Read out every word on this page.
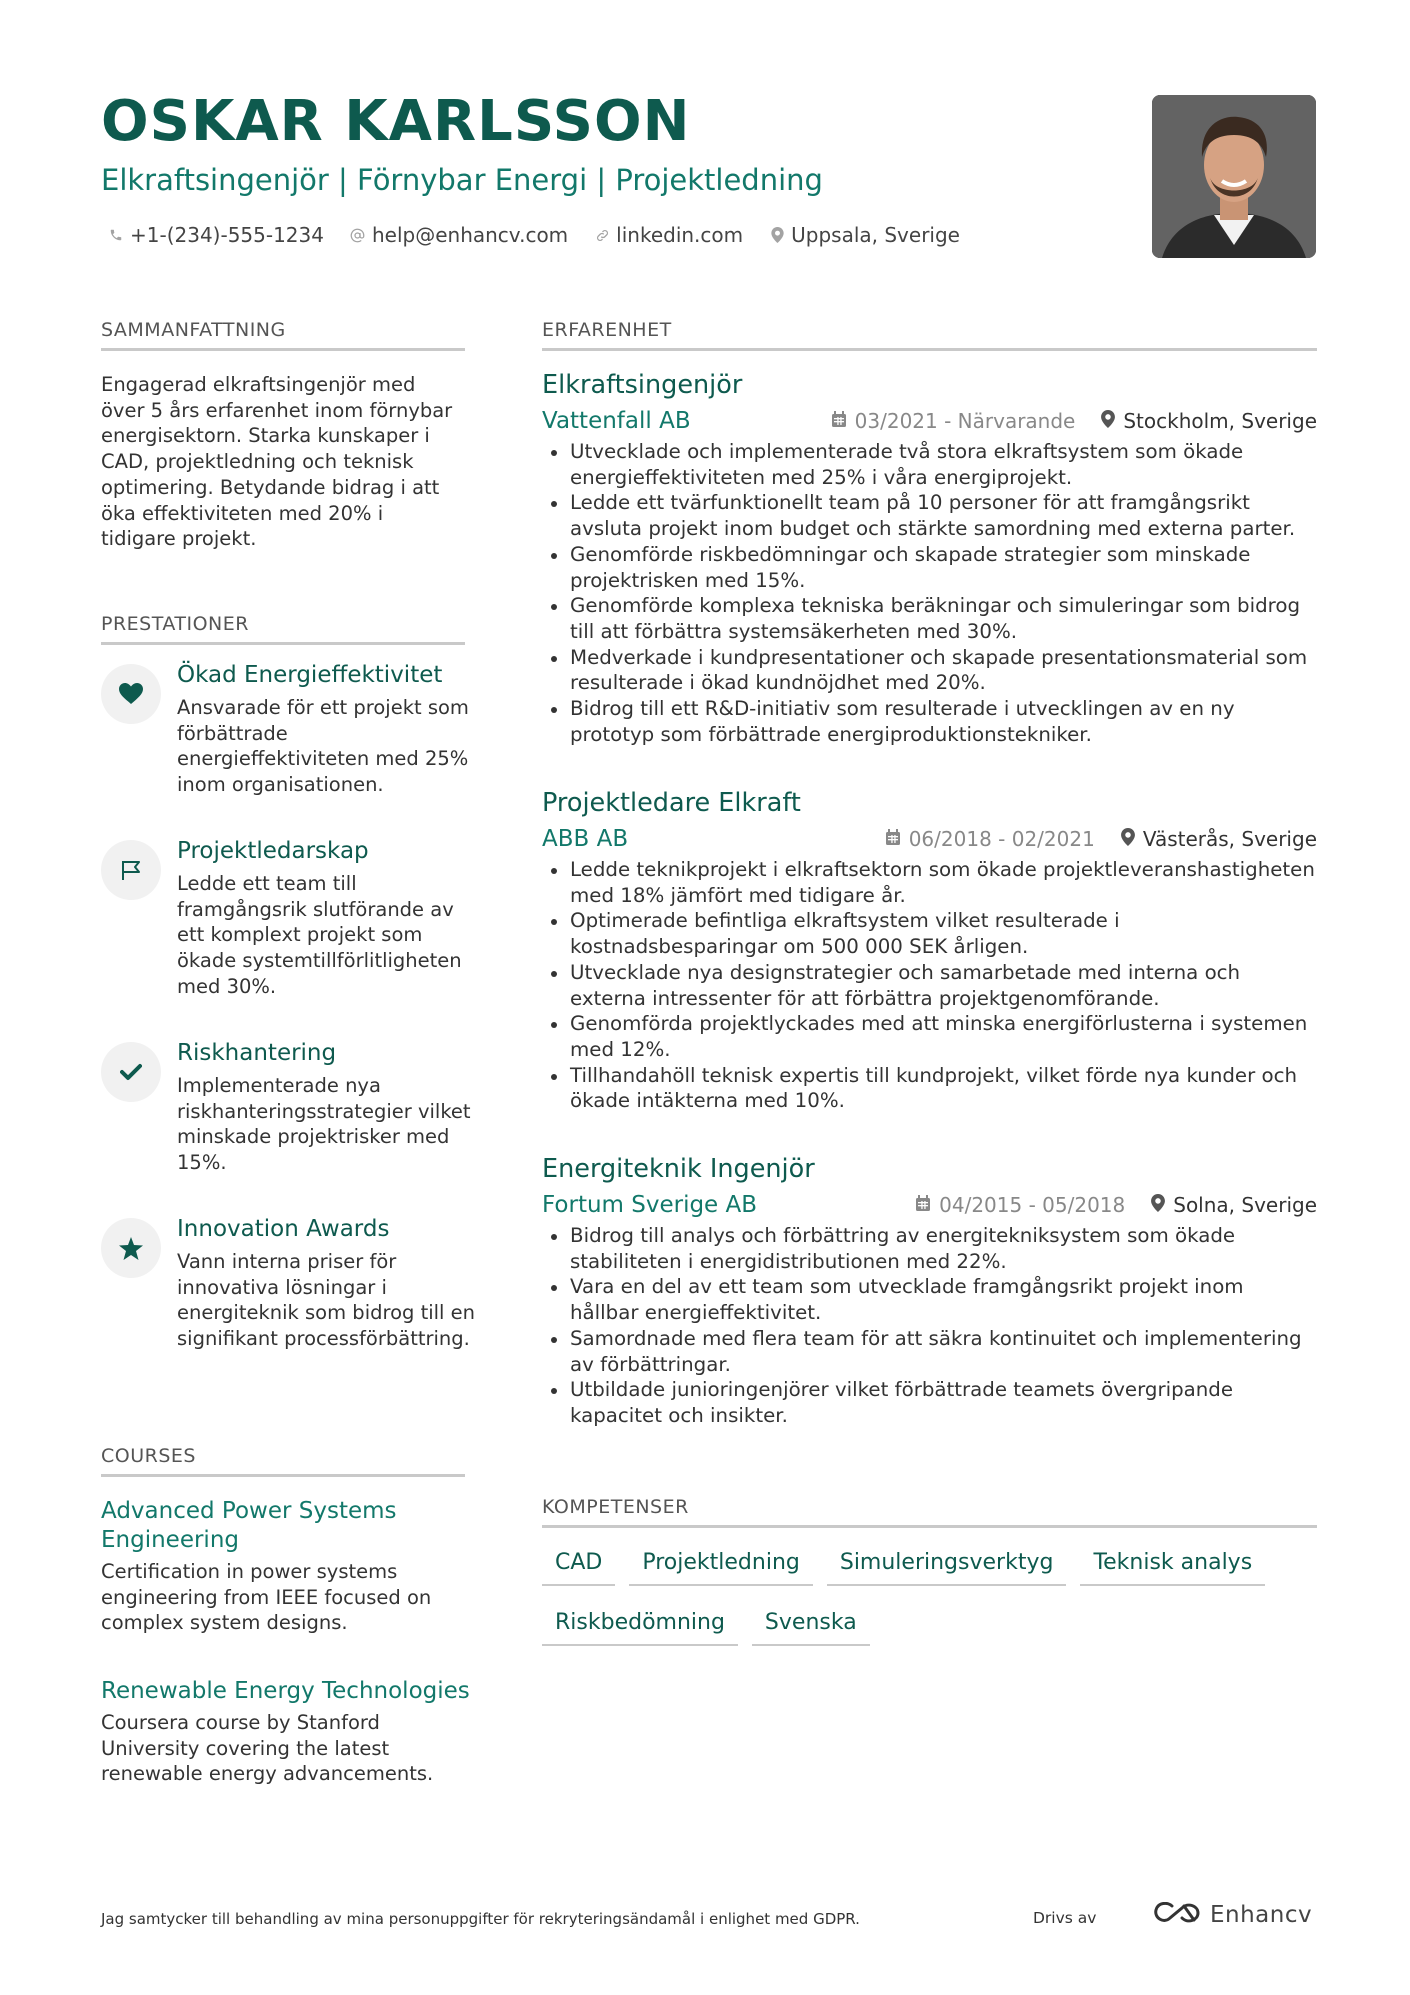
OSKAR KARLSSON
Elkraftsingenjör | Förnybar Energi | Projektledning
+1-(234)-555-1234 help@enhancv.com linkedin.com Uppsala, Sverige
SAMMANFATTNING
Engagerad elkraftsingenjör med över 5 års erfarenhet inom förnybar energisektorn. Starka kunskaper i CAD, projektledning och teknisk optimering. Betydande bidrag i att öka effektiviteten med 20% i tidigare projekt.
PRESTATIONER
Ökad Energieffektivitet
Ansvarade för ett projekt som förbättrade energieffektiviteten med 25% inom organisationen.
Projektledarskap
Ledde ett team till framgångsrik slutförande av ett komplext projekt som ökade systemtillförlitligheten med 30%.
Riskhantering
Implementerade nya riskhanteringsstrategier vilket minskade projektrisker med 15%.
Innovation Awards
Vann interna priser för innovativa lösningar i energiteknik som bidrog till en signifikant processförbättring.
COURSES
Advanced Power Systems Engineering
Certification in power systems engineering from IEEE focused on complex system designs.
Renewable Energy Technologies
Coursera course by Stanford University covering the latest renewable energy advancements.
ERFARENHET
Elkraftsingenjör
Vattenfall AB	03/2021 - Närvarande Stockholm, Sverige
Utvecklade och implementerade två stora elkraftsystem som ökade energieffektiviteten med 25% i våra energiprojekt.
Ledde ett tvärfunktionellt team på 10 personer för att framgångsrikt avsluta projekt inom budget och stärkte samordning med externa parter.
Genomförde riskbedömningar och skapade strategier som minskade projektrisken med 15%.
Genomförde komplexa tekniska beräkningar och simuleringar som bidrog till att förbättra systemsäkerheten med 30%.
Medverkade i kundpresentationer och skapade presentationsmaterial som resulterade i ökad kundnöjdhet med 20%.
Bidrog till ett R&D-initiativ som resulterade i utvecklingen av en ny prototyp som förbättrade energiproduktionstekniker.
Projektledare Elkraft
ABB AB	06/2018 - 02/2021 Västerås, Sverige
Ledde teknikprojekt i elkraftsektorn som ökade projektleveranshastigheten med 18% jämfört med tidigare år.
Optimerade befintliga elkraftsystem vilket resulterade i kostnadsbesparingar om 500 000 SEK årligen.
Utvecklade nya designstrategier och samarbetade med interna och externa intressenter för att förbättra projektgenomförande.
Genomförda projektlyckades med att minska energiförlusterna i systemen med 12%.
Tillhandahöll teknisk expertis till kundprojekt, vilket förde nya kunder och ökade intäkterna med 10%.
Energiteknik Ingenjör
Fortum Sverige AB	04/2015 - 05/2018 Solna, Sverige
Bidrog till analys och förbättring av energitekniksystem som ökade stabiliteten i energidistributionen med 22%.
Vara en del av ett team som utvecklade framgångsrikt projekt inom hållbar energieffektivitet.
Samordnade med flera team för att säkra kontinuitet och implementering av förbättringar.
Utbildade junioringenjörer vilket förbättrade teamets övergripande kapacitet och insikter.
KOMPETENSER
CAD	Projektledning	Simuleringsverktyg	Teknisk analys
Riskbedömning	Svenska
Jag samtycker till behandling av mina personuppgifter för rekryteringsändamål i enlighet med GDPR.	Drivs av	Enhancv
